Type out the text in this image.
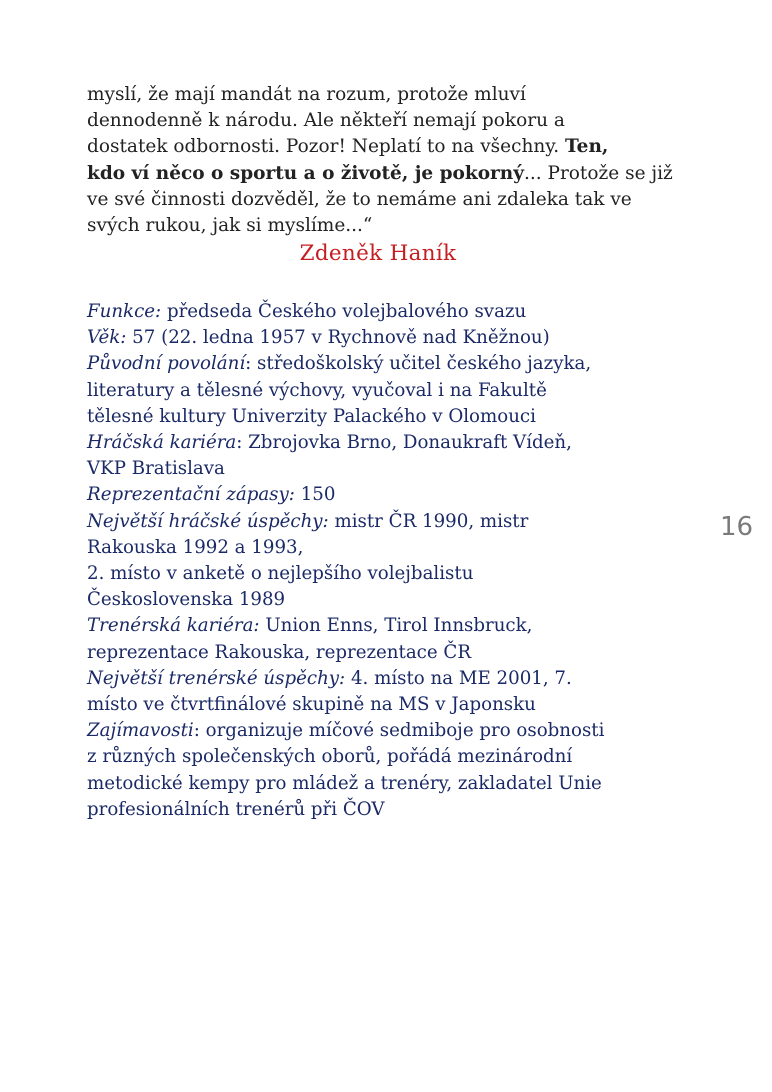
myslí, že mají mandát na rozum, protože mluví

dennodenně k národu. Ale někteří nemají pokoru a

dostatek odbornosti. Pozor! Neplatí to na všechny. Ten,

kdo ví něco o sportu a o životě, je pokorný... Protože se již

ve své činnosti dozvěděl, že to nemáme ani zdaleka tak ve

svých rukou, jak si myslíme...“

Zdeněk Haník
Funkce: předseda Českého volejbalového svazu
Věk: 57 (22. ledna 1957 v Rychnově nad Kněžnou)
Původní povolání: středoškolský učitel českého jazyka,
literatury a tělesné výchovy, vyučoval i na Fakultě
tělesné kultury Univerzity Palackého v Olomouci
Hráčská kariéra: Zbrojovka Brno, Donaukraft Vídeň,
VKP Bratislava
Reprezentační zápasy: 150
Největší hráčské úspěchy: mistr ČR 1990, mistr
Rakouska 1992 a 1993,
2. místo v anketě o nejlepšího volejbalistu
Československa 1989
Trenérská kariéra: Union Enns, Tirol Innsbruck,
reprezentace Rakouska, reprezentace ČR
Největší trenérské úspěchy: 4. místo na ME 2001, 7.
místo ve čtvrtfinálové skupině na MS v Japonsku
Zajímavosti: organizuje míčové sedmiboje pro osobnosti
z různých společenských oborů, pořádá mezinárodní
metodické kempy pro mládež a trenéry, zakladatel Unie
profesionálních trenérů při ČOV
16
